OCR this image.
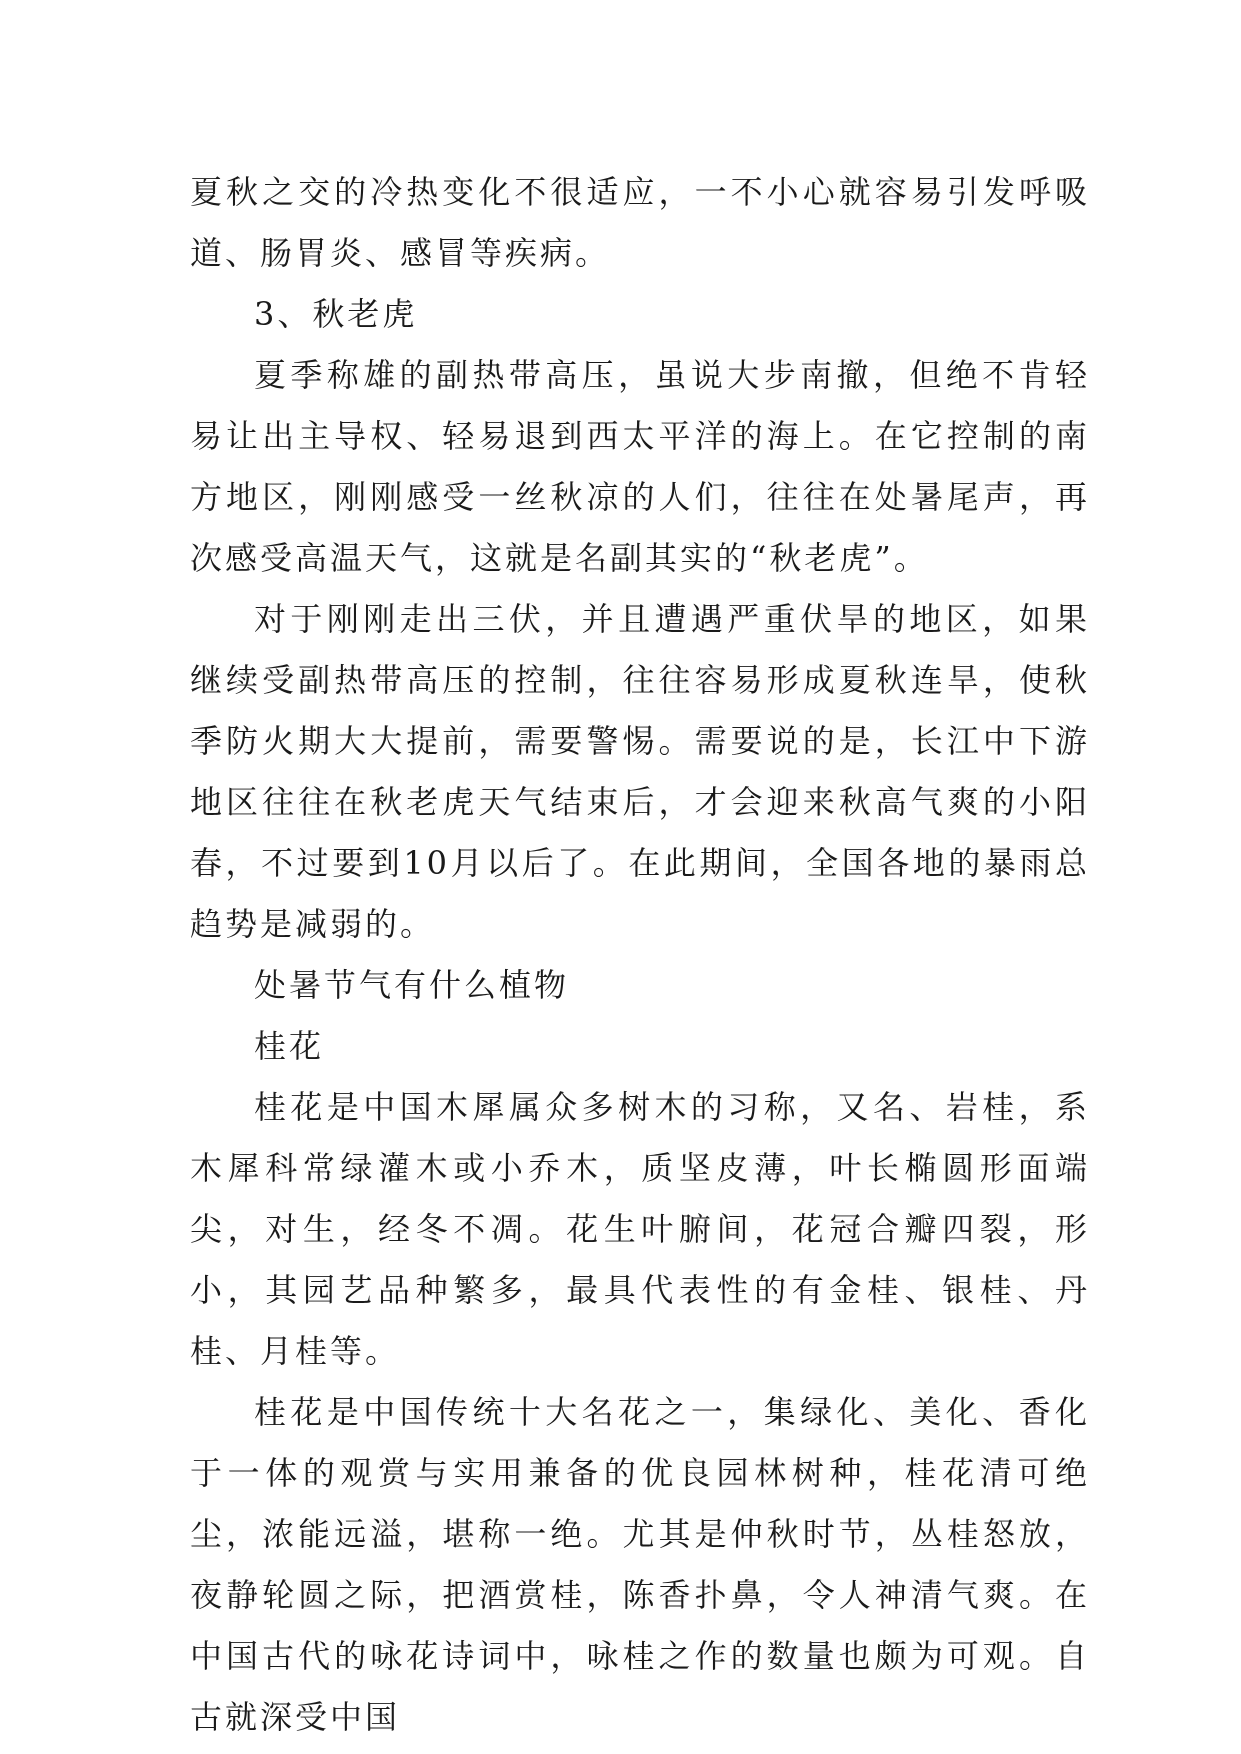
夏秋之交的冷热变化不很适应，一不小心就容易引发呼吸道、肠胃炎、感冒等疾病。

3、秋老虎

夏季称雄的副热带高压，虽说大步南撤，但绝不肯轻易让出主导权、轻易退到西太平洋的海上。在它控制的南方地区，刚刚感受一丝秋凉的人们，往往在处暑尾声，再次感受高温天气，这就是名副其实的“秋老虎”。

对于刚刚走出三伏，并且遭遇严重伏旱的地区，如果继续受副热带高压的控制，往往容易形成夏秋连旱，使秋季防火期大大提前，需要警惕。需要说的是，长江中下游地区往往在秋老虎天气结束后，才会迎来秋高气爽的小阳春，不过要到10月以后了。在此期间，全国各地的暴雨总趋势是减弱的。

处暑节气有什么植物

桂花

桂花是中国木犀属众多树木的习称，又名、岩桂，系木犀科常绿灌木或小乔木，质坚皮薄，叶长椭圆形面端尖，对生，经冬不凋。花生叶腑间，花冠合瓣四裂，形小，其园艺品种繁多，最具代表性的有金桂、银桂、丹桂、月桂等。

桂花是中国传统十大名花之一，集绿化、美化、香化于一体的观赏与实用兼备的优良园林树种，桂花清可绝尘，浓能远溢，堪称一绝。尤其是仲秋时节，丛桂怒放，夜静轮圆之际，把酒赏桂，陈香扑鼻，令人神清气爽。在中国古代的咏花诗词中，咏桂之作的数量也颇为可观。自古就深受中国
